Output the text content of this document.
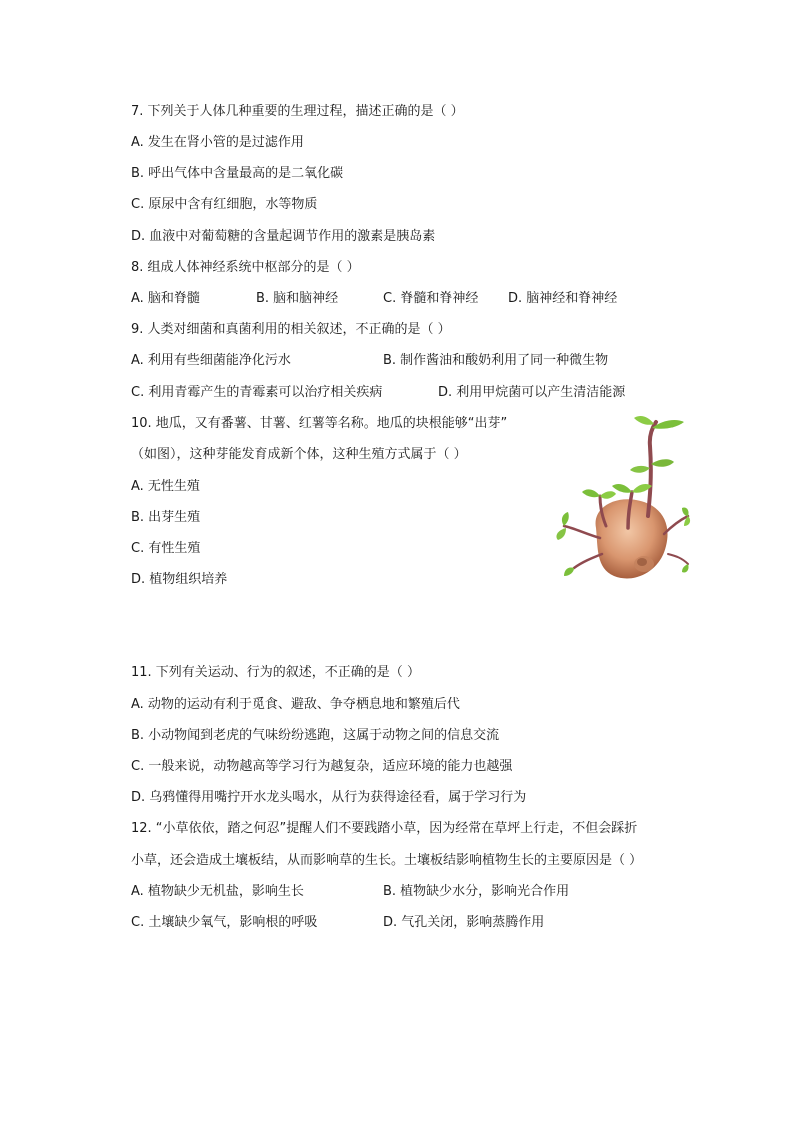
7. 下列关于人体几种重要的生理过程，描述正确的是（ ）
A. 发生在肾小管的是过滤作用
B. 呼出气体中含量最高的是二氧化碳
C. 原尿中含有红细胞，水等物质
D. 血液中对葡萄糖的含量起调节作用的激素是胰岛素
8. 组成人体神经系统中枢部分的是（ ）
A. 脑和脊髓	B. 脑和脑神经	C. 脊髓和脊神经 D. 脑神经和脊神经
9. 人类对细菌和真菌利用的相关叙述，不正确的是（ ）
A. 利用有些细菌能净化污水	B. 制作酱油和酸奶利用了同一种微生物
C. 利用青霉产生的青霉素可以治疗相关疾病	D. 利用甲烷菌可以产生清洁能源
10. 地瓜，又有番薯、甘薯、红薯等名称。地瓜的块根能够“出芽”
（如图），这种芽能发育成新个体，这种生殖方式属于（ ）
A. 无性生殖
B. 出芽生殖
C. 有性生殖
D. 植物组织培养
11. 下列有关运动、行为的叙述，不正确的是（ ）
A. 动物的运动有利于觅食、避敌、争夺栖息地和繁殖后代
B. 小动物闻到老虎的气味纷纷逃跑，这属于动物之间的信息交流
C. 一般来说，动物越高等学习行为越复杂，适应环境的能力也越强
D. 乌鸦懂得用嘴拧开水龙头喝水，从行为获得途径看，属于学习行为
12. “小草依依，踏之何忍”提醒人们不要践踏小草，因为经常在草坪上行走，不但会踩折
小草，还会造成土壤板结，从而影响草的生长。土壤板结影响植物生长的主要原因是（ ）
A. 植物缺少无机盐，影响生长	B. 植物缺少水分，影响光合作用
C. 土壤缺少氧气，影响根的呼吸	D. 气孔关闭，影响蒸腾作用
